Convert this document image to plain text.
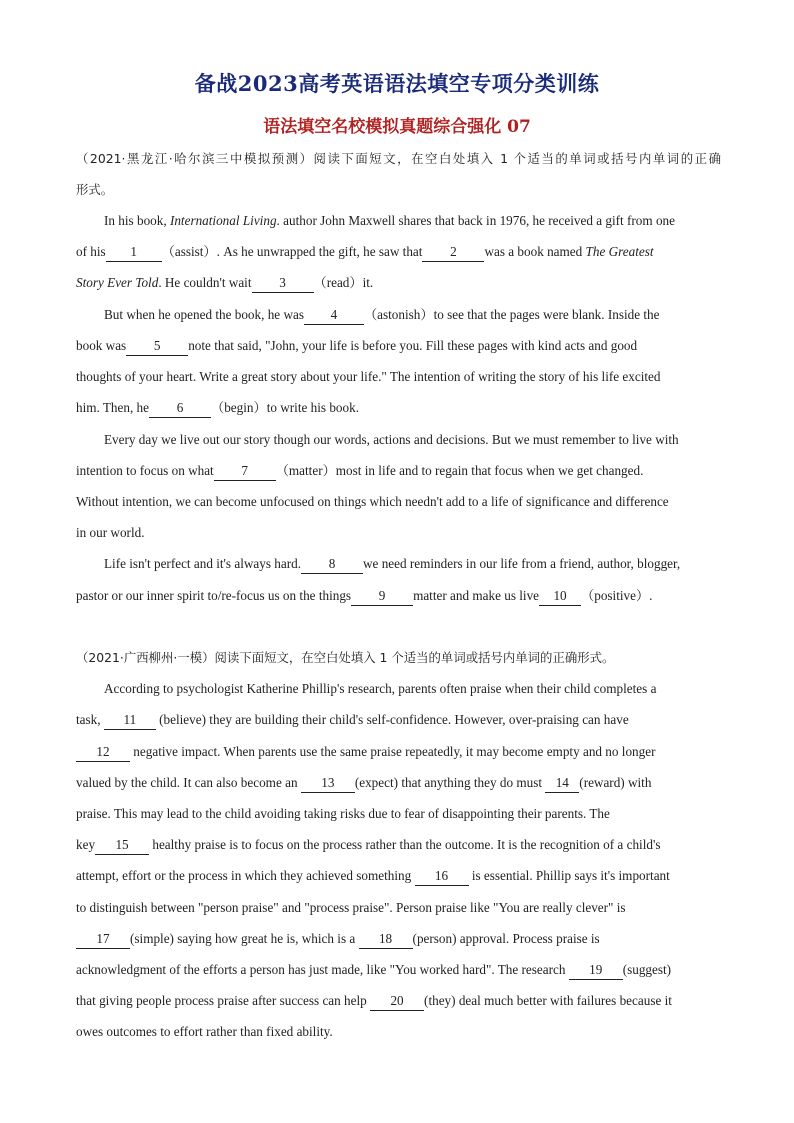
备战2023高考英语语法填空专项分类训练
语法填空名校模拟真题综合强化 07
（2021·黑龙江·哈尔滨三中模拟预测）阅读下面短文，在空白处填入 1 个适当的单词或括号内单词的正确
形式。
In his book, International Living. author John Maxwell shares that back in 1976, he received a gift from one
of his 1 （assist）. As he unwrapped the gift, he saw that 2 was a book named The Greatest
Story Ever Told. He couldn't wait 3 （read）it.
But when he opened the book, he was 4 （astonish）to see that the pages were blank. Inside the
book was 5 note that said, "John, your life is before you. Fill these pages with kind acts and good
thoughts of your heart. Write a great story about your life." The intention of writing the story of his life excited
him. Then, he 6 （begin）to write his book.
Every day we live out our story though our words, actions and decisions. But we must remember to live with
intention to focus on what 7 （matter）most in life and to regain that focus when we get changed.
Without intention, we can become unfocused on things which needn't add to a life of significance and difference
in our world.
Life isn't perfect and it's always hard. 8 we need reminders in our life from a friend, author, blogger,
pastor or our inner spirit to/re-focus us on the things 9 matter and make us live 10 （positive）.
（2021·广西柳州·一模）阅读下面短文，在空白处填入 1 个适当的单词或括号内单词的正确形式。
According to psychologist Katherine Phillip's research, parents often praise when their child completes a
task, 11 (believe) they are building their child's self-confidence. However, over-praising can have
12 negative impact. When parents use the same praise repeatedly, it may become empty and no longer
valued by the child. It can also become an 13 (expect) that anything they do must 14 (reward) with
praise. This may lead to the child avoiding taking risks due to fear of disappointing their parents. The
key 15 healthy praise is to focus on the process rather than the outcome. It is the recognition of a child's
attempt, effort or the process in which they achieved something 16 is essential. Phillip says it's important
to distinguish between "person praise" and "process praise". Person praise like "You are really clever" is
17 (simple) saying how great he is, which is a 18 (person) approval. Process praise is
acknowledgment of the efforts a person has just made, like "You worked hard". The research 19 (suggest)
that giving people process praise after success can help 20 (they) deal much better with failures because it
owes outcomes to effort rather than fixed ability.
